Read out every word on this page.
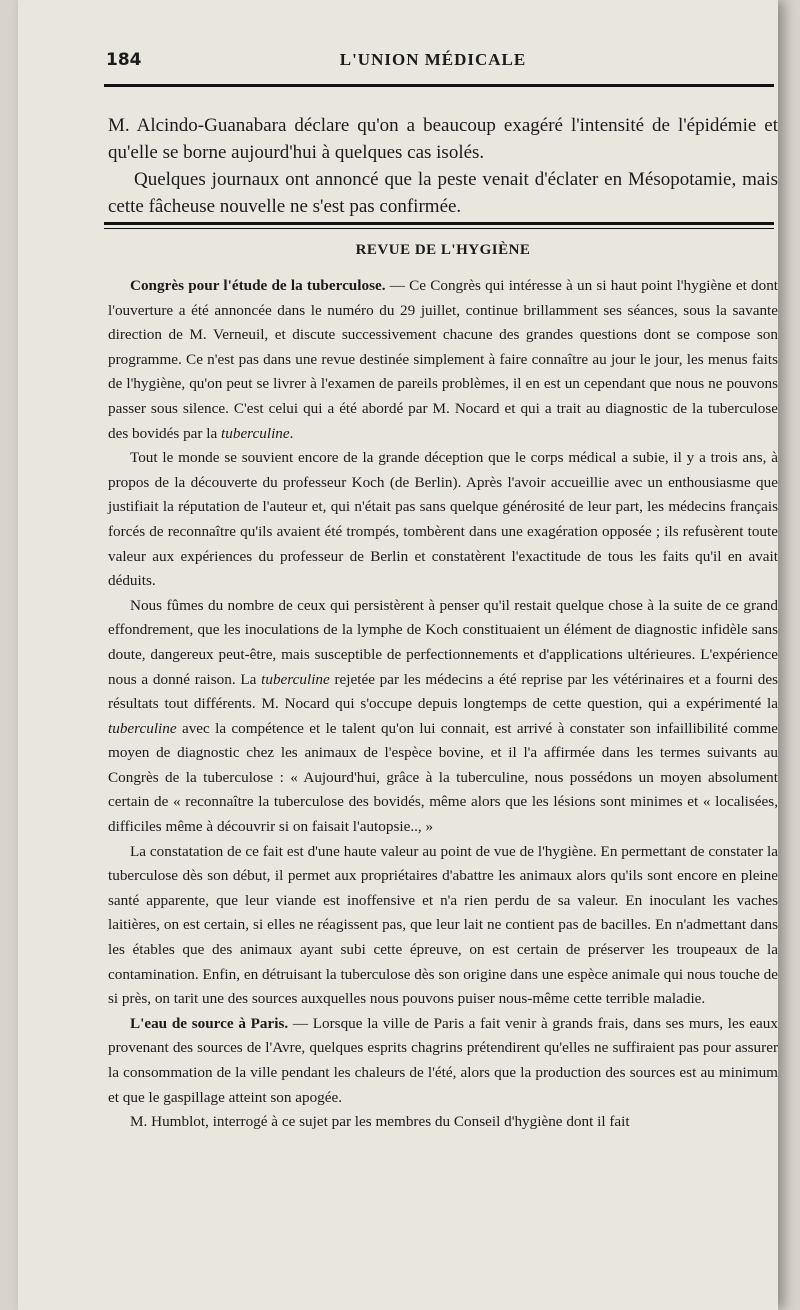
184	L'UNION MÉDICALE

M. Alcindo-Guanabara déclare qu'on a beaucoup exagéré l'intensité de l'épidémie et qu'elle se borne aujourd'hui à quelques cas isolés.

Quelques journaux ont annoncé que la peste venait d'éclater en Mésopotamie, mais cette fâcheuse nouvelle ne s'est pas confirmée.

REVUE DE L'HYGIÈNE

Congrès pour l'étude de la tuberculose. — Ce Congrès qui intéresse à un si haut point l'hygiène et dont l'ouverture a été annoncée dans le numéro du 29 juillet, continue brillamment ses séances, sous la savante direction de M. Verneuil, et discute successivement chacune des grandes questions dont se compose son programme. Ce n'est pas dans une revue destinée simplement à faire connaître au jour le jour, les menus faits de l'hygiène, qu'on peut se livrer à l'examen de pareils problèmes, il en est un cependant que nous ne pouvons passer sous silence. C'est celui qui a été abordé par M. Nocard et qui a trait au diagnostic de la tuberculose des bovidés par la tuberculine.

Tout le monde se souvient encore de la grande déception que le corps médical a subie, il y a trois ans, à propos de la découverte du professeur Koch (de Berlin). Après l'avoir accueillie avec un enthousiasme que justifiait la réputation de l'auteur et, qui n'était pas sans quelque générosité de leur part, les médecins français forcés de reconnaître qu'ils avaient été trompés, tombèrent dans une exagération opposée ; ils refusèrent toute valeur aux expériences du professeur de Berlin et constatèrent l'exactitude de tous les faits qu'il en avait déduits.

Nous fûmes du nombre de ceux qui persistèrent à penser qu'il restait quelque chose à la suite de ce grand effondrement, que les inoculations de la lymphe de Koch constituaient un élément de diagnostic infidèle sans doute, dangereux peut-être, mais susceptible de perfectionnements et d'applications ultérieures. L'expérience nous a donné raison. La tuberculine rejetée par les médecins a été reprise par les vétérinaires et a fourni des résultats tout différents. M. Nocard qui s'occupe depuis longtemps de cette question, qui a expérimenté la tuberculine avec la compétence et le talent qu'on lui connait, est arrivé à constater son infaillibilité comme moyen de diagnostic chez les animaux de l'espèce bovine, et il l'a affirmée dans les termes suivants au Congrès de la tuberculose : « Aujourd'hui, grâce à la tuberculine, nous possédons un moyen absolument certain de « reconnaître la tuberculose des bovidés, même alors que les lésions sont minimes et « localisées, difficiles même à découvrir si on faisait l'autopsie.., »

La constatation de ce fait est d'une haute valeur au point de vue de l'hygiène. En permettant de constater la tuberculose dès son début, il permet aux propriétaires d'abattre les animaux alors qu'ils sont encore en pleine santé apparente, que leur viande est inoffensive et n'a rien perdu de sa valeur. En inoculant les vaches laitières, on est certain, si elles ne réagissent pas, que leur lait ne contient pas de bacilles. En n'admettant dans les étables que des animaux ayant subi cette épreuve, on est certain de préserver les troupeaux de la contamination. Enfin, en détruisant la tuberculose dès son origine dans une espèce animale qui nous touche de si près, on tarit une des sources auxquelles nous pouvons puiser nous-même cette terrible maladie.

L'eau de source à Paris. — Lorsque la ville de Paris a fait venir à grands frais, dans ses murs, les eaux provenant des sources de l'Avre, quelques esprits chagrins prétendirent qu'elles ne suffiraient pas pour assurer la consommation de la ville pendant les chaleurs de l'été, alors que la production des sources est au minimum et que le gaspillage atteint son apogée.

M. Humblot, interrogé à ce sujet par les membres du Conseil d'hygiène dont il fait
